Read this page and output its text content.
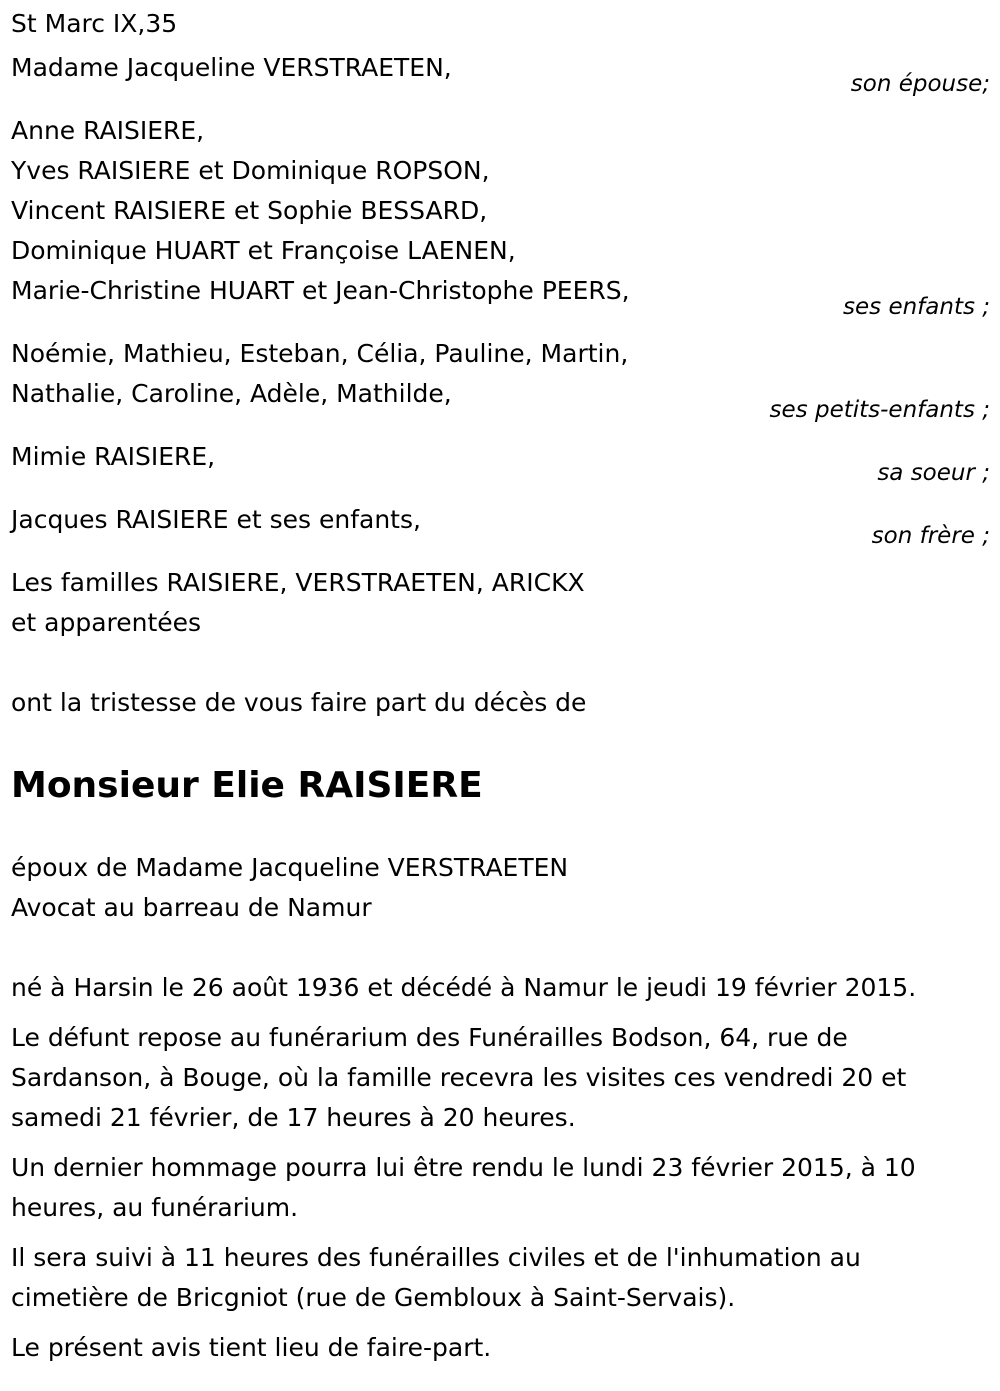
St Marc IX,35
Madame Jacqueline VERSTRAETEN,
son épouse;
Anne RAISIERE,
Yves RAISIERE et Dominique ROPSON,
Vincent RAISIERE et Sophie BESSARD,
Dominique HUART et Françoise LAENEN,
Marie-Christine HUART et Jean-Christophe PEERS,
ses enfants ;
Noémie, Mathieu, Esteban, Célia, Pauline, Martin,
Nathalie, Caroline, Adèle, Mathilde,
ses petits-enfants ;
Mimie RAISIERE,
sa soeur ;
Jacques RAISIERE et ses enfants,
son frère ;
Les familles RAISIERE, VERSTRAETEN, ARICKX
et apparentées
ont la tristesse de vous faire part du décès de
Monsieur Elie RAISIERE
époux de Madame Jacqueline VERSTRAETEN
Avocat au barreau de Namur
né à Harsin le 26 août 1936 et décédé à Namur le jeudi 19 février 2015.
Le défunt repose au funérarium des Funérailles Bodson, 64, rue de Sardanson, à Bouge, où la famille recevra les visites ces vendredi 20 et samedi 21 février, de 17 heures à 20 heures.
Un dernier hommage pourra lui être rendu le lundi 23 février 2015, à 10 heures, au funérarium.
Il sera suivi à 11 heures des funérailles civiles et de l'inhumation au cimetière de Bricgniot (rue de Gembloux à Saint-Servais).
Le présent avis tient lieu de faire-part.
